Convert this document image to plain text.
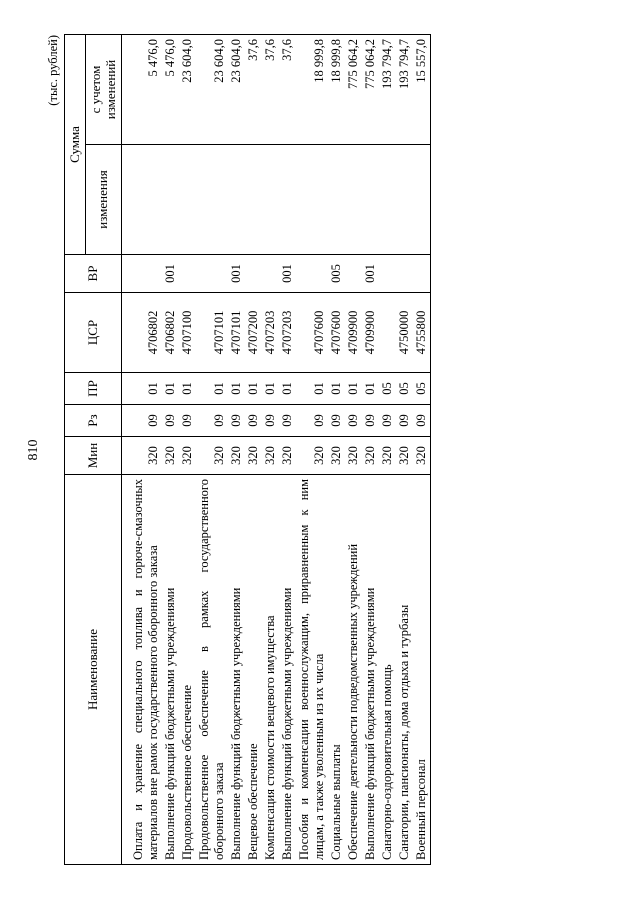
810
(тыс. рублей)
Наименование	Мин	Рз	ПР	ЦСР	ВР	Сумма	
						изменения	с учетом изменений

Оплата и хранение специального топлива и горюче-смазочных материалов вне рамок государственного оборонного заказа	320	09	01	4706802			5 476,0
Выполнение функций бюджетными учреждениями	320	09	01	4706802	001		5 476,0
Продовольственное обеспечение	320	09	01	4707100			23 604,0
Продовольственное обеспечение в рамках государственного оборонного заказа	320	09	01	4707101			23 604,0
Выполнение функций бюджетными учреждениями	320	09	01	4707101	001		23 604,0
Вещевое обеспечение	320	09	01	4707200			37,6
Компенсация стоимости вещевого имущества	320	09	01	4707203			37,6
Выполнение функций бюджетными учреждениями	320	09	01	4707203	001		37,6
Пособия и компенсации военнослужащим, приравненным к ним лицам, а также уволенным из их числа	320	09	01	4707600			18 999,8
Социальные выплаты	320	09	01	4707600	005		18 999,8
Обеспечение деятельности подведомственных учреждений	320	09	01	4709900			775 064,2
Выполнение функций бюджетными учреждениями	320	09	01	4709900	001		775 064,2
Санаторно-оздоровительная помощь	320	09	05				193 794,7
Санатории, пансионаты, дома отдыха и турбазы	320	09	05	4750000			193 794,7
Военный персонал	320	09	05	4755800			15 557,0
